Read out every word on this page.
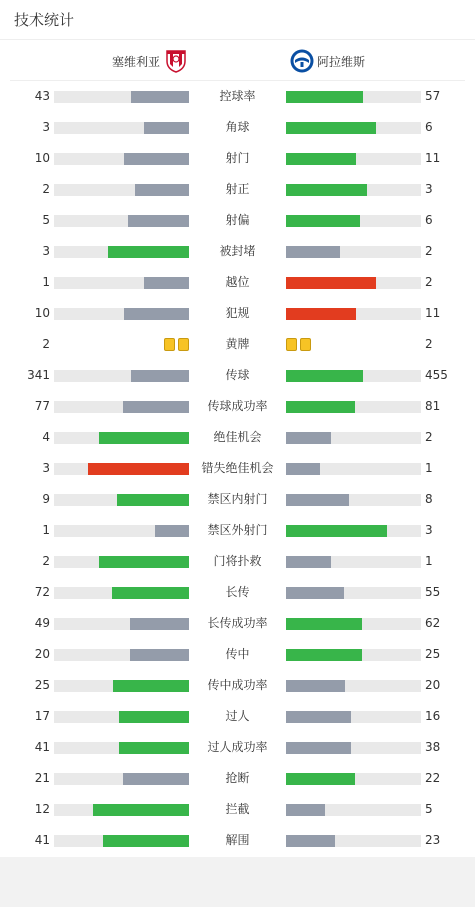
技术统计
塞维利亚	阿拉维斯
43	控球率	57
3	角球	6
10	射门	11
2	射正	3
5	射偏	6
3	被封堵	2
1	越位	2
10	犯规	11
2	黄牌	2
341	传球	455
77	传球成功率	81
4	绝佳机会	2
3	错失绝佳机会	1
9	禁区内射门	8
1	禁区外射门	3
2	门将扑救	1
72	长传	55
49	长传成功率	62
20	传中	25
25	传中成功率	20
17	过人	16
41	过人成功率	38
21	抢断	22
12	拦截	5
41	解围	23
